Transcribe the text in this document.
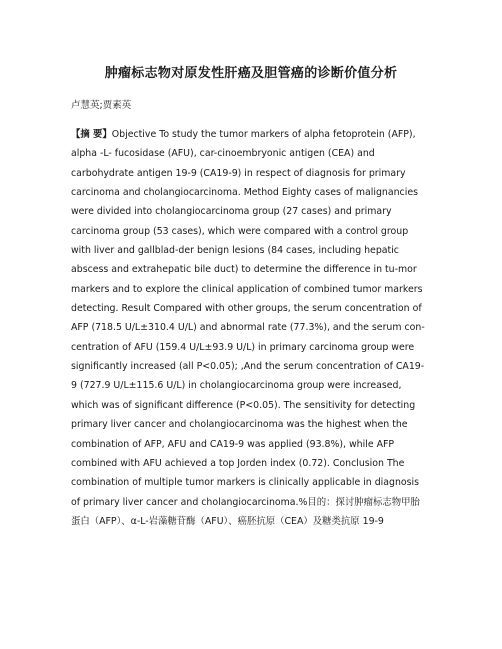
肿瘤标志物对原发性肝癌及胆管癌的诊断价值分析
卢慧英;贾素英
【摘 要】Objective To study the tumor markers of alpha fetoprotein (AFP),
alpha -L- fucosidase (AFU), car-cinoembryonic antigen (CEA) and
carbohydrate antigen 19-9 (CA19-9) in respect of diagnosis for primary
carcinoma and cholangiocarcinoma. Method Eighty cases of malignancies
were divided into cholangiocarcinoma group (27 cases) and primary
carcinoma group (53 cases), which were compared with a control group
with liver and gallblad-der benign lesions (84 cases, including hepatic
abscess and extrahepatic bile duct) to determine the difference in tu-mor
markers and to explore the clinical application of combined tumor markers
detecting. Result Compared with other groups, the serum concentration of
AFP (718.5 U/L±310.4 U/L) and abnormal rate (77.3%), and the serum con-
centration of AFU (159.4 U/L±93.9 U/L) in primary carcinoma group were
significantly increased (all P<0.05); ,And the serum concentration of CA19-
9 (727.9 U/L±115.6 U/L) in cholangiocarcinoma group were increased,
which was of significant difference (P<0.05). The sensitivity for detecting
primary liver cancer and cholangiocarcinoma was the highest when the
combination of AFP, AFU and CA19-9 was applied (93.8%), while AFP
combined with AFU achieved a top Jorden index (0.72). Conclusion The
combination of multiple tumor markers is clinically applicable in diagnosis
of primary liver cancer and cholangiocarcinoma.%目的：探讨肿瘤标志物甲胎
蛋白（AFP）、α-L-岩藻糖苷酶（AFU）、癌胚抗原（CEA）及糖类抗原 19-9
